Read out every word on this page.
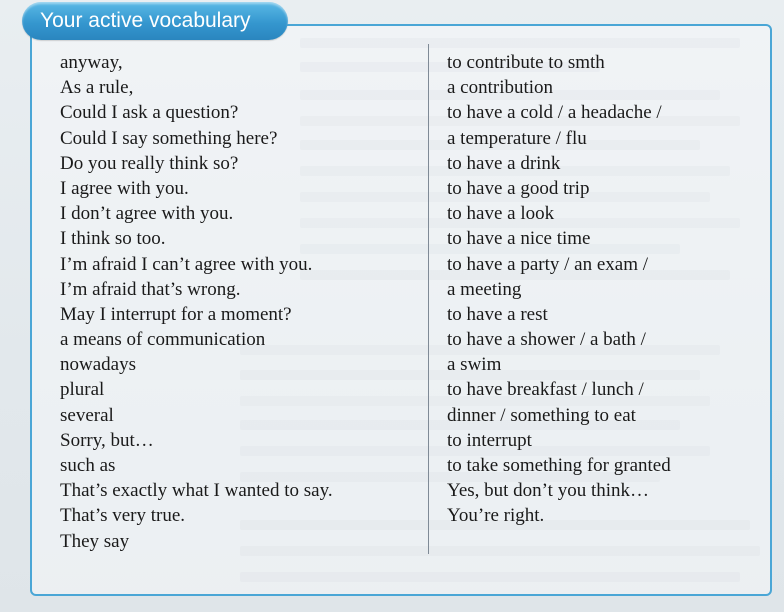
Your active vocabulary
anyway,
As a rule,
Could I ask a question?
Could I say something here?
Do you really think so?
I agree with you.
I don’t agree with you.
I think so too.
I’m afraid I can’t agree with you.
I’m afraid that’s wrong.
May I interrupt for a moment?
a means of communication
nowadays
plural
several
Sorry, but…
such as
That’s exactly what I wanted to say.
That’s very true.
They say
to contribute to smth
a contribution
to have a cold / a headache /
a temperature / flu
to have a drink
to have a good trip
to have a look
to have a nice time
to have a party / an exam /
a meeting
to have a rest
to have a shower / a bath /
a swim
to have breakfast / lunch /
dinner / something to eat
to interrupt
to take something for granted
Yes, but don’t you think…
You’re right.
